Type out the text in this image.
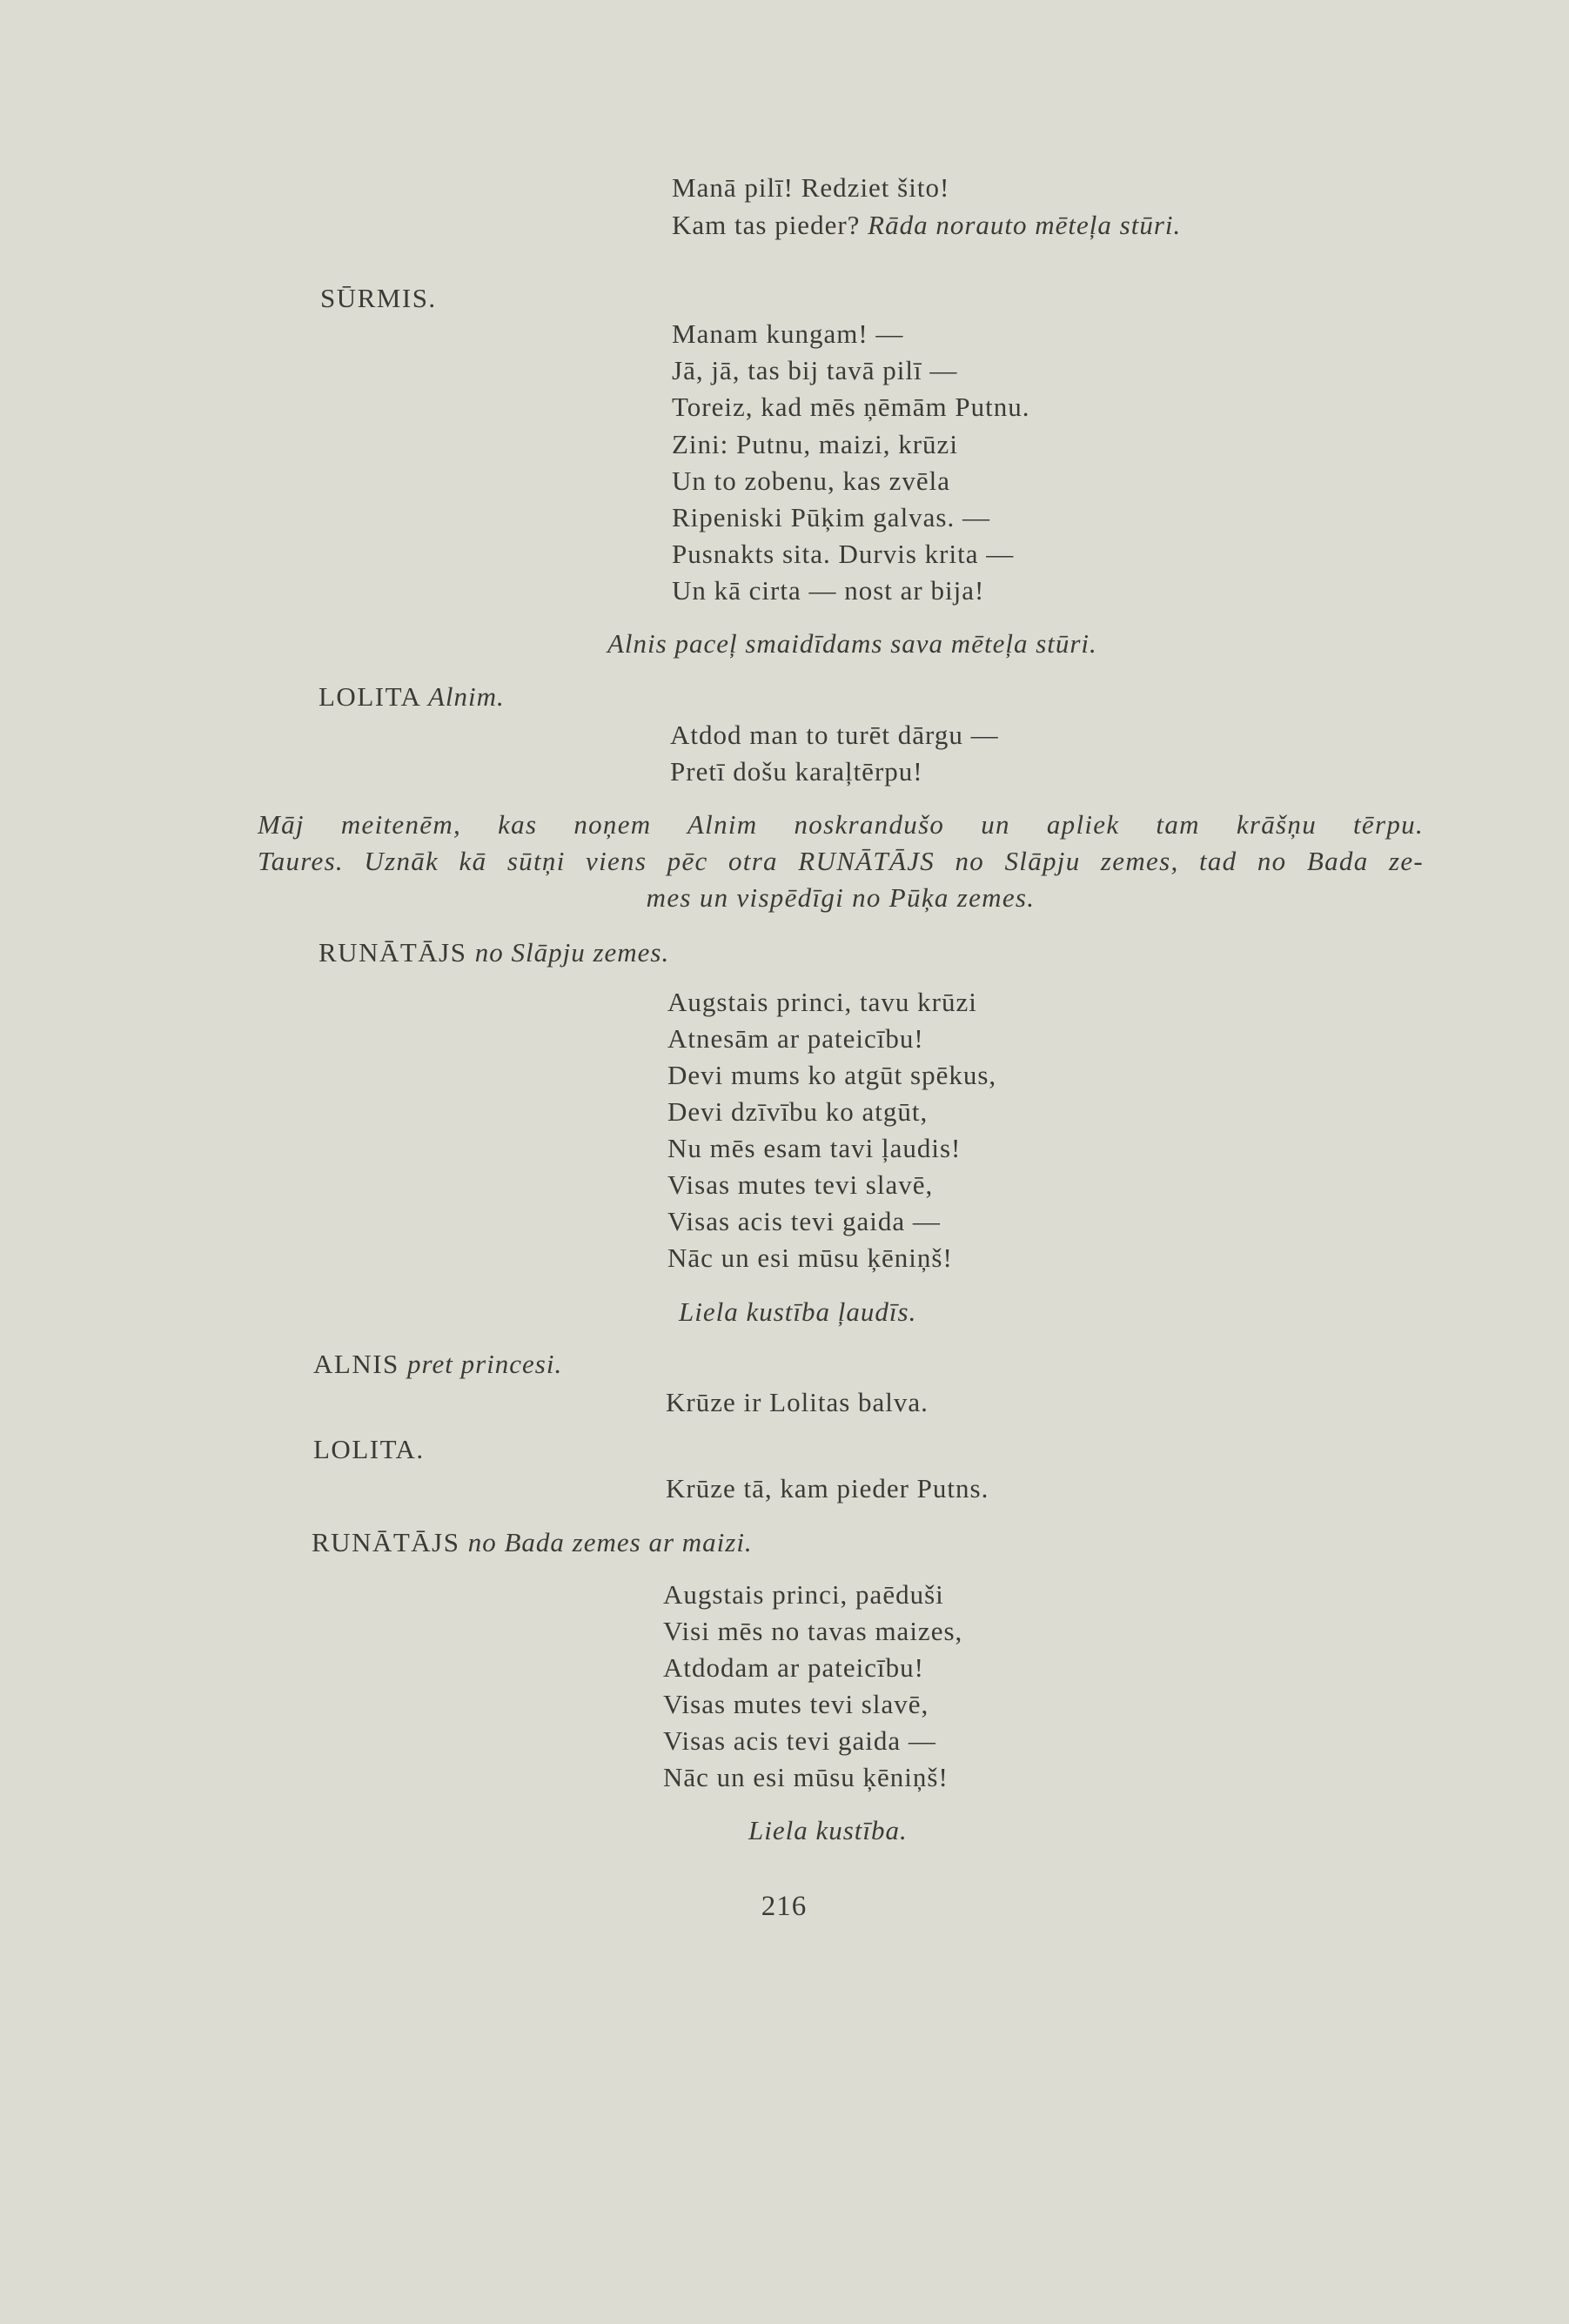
Manā pilī! Redziet šito!
Kam tas pieder? Rāda norauto mēteļa stūri.
SŪRMIS.
Manam kungam! —
Jā, jā, tas bij tavā pilī —
Toreiz, kad mēs ņēmām Putnu.
Zini: Putnu, maizi, krūzi
Un to zobenu, kas zvēla
Ripeniski Pūķim galvas. —
Pusnakts sita. Durvis krita —
Un kā cirta — nost ar bija!
Alnis paceļ smaidīdams sava mēteļa stūri.
LOLITA Alnim.
Atdod man to turēt dārgu —
Pretī došu karaļtērpu!
Māj meitenēm, kas noņem Alnim noskrandušo un apliek tam krāšņu tērpu.
Taures. Uznāk kā sūtņi viens pēc otra RUNĀTĀJS no Slāpju zemes, tad no Bada ze-
mes un vispēdīgi no Pūķa zemes.
RUNĀTĀJS no Slāpju zemes.
Augstais princi, tavu krūzi
Atnesām ar pateicību!
Devi mums ko atgūt spēkus,
Devi dzīvību ko atgūt,
Nu mēs esam tavi ļaudis!
Visas mutes tevi slavē,
Visas acis tevi gaida —
Nāc un esi mūsu ķēniņš!
Liela kustība ļaudīs.
ALNIS pret princesi.
Krūze ir Lolitas balva.
LOLITA.
Krūze tā, kam pieder Putns.
RUNĀTĀJS no Bada zemes ar maizi.
Augstais princi, paēduši
Visi mēs no tavas maizes,
Atdodam ar pateicību!
Visas mutes tevi slavē,
Visas acis tevi gaida —
Nāc un esi mūsu ķēniņš!
Liela kustība.
216
